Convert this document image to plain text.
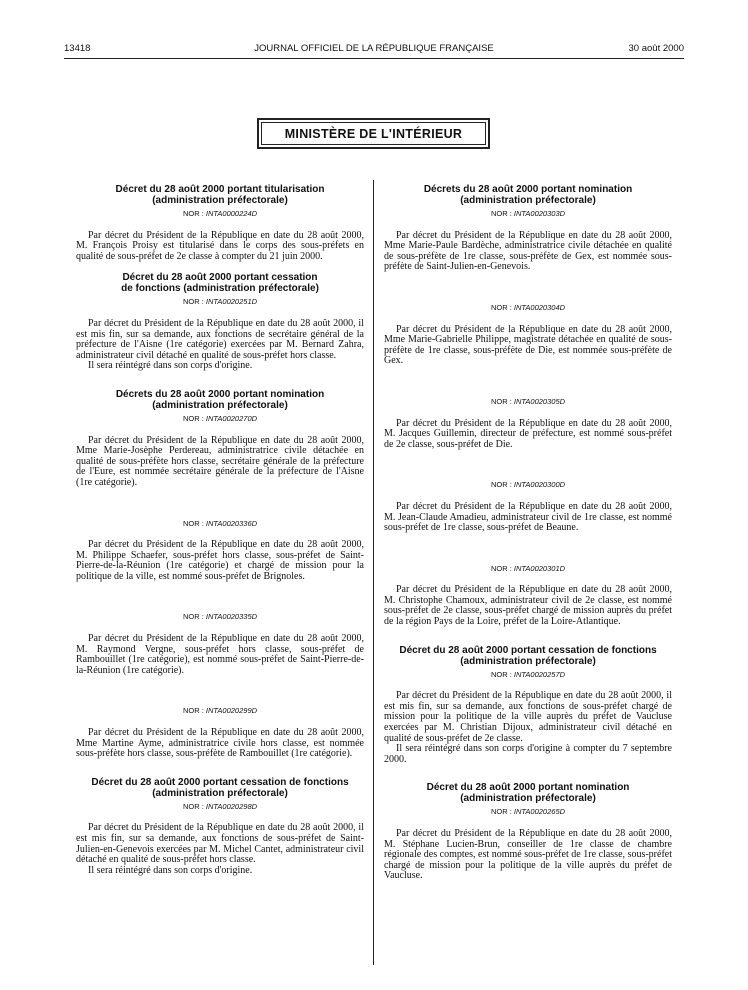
13418	JOURNAL OFFICIEL DE LA RÉPUBLIQUE FRANÇAISE	30 août 2000
MINISTÈRE DE L'INTÉRIEUR

Décret du 28 août 2000 portant titularisation

(administration préfectorale)

NOR : INTA0000224D

Par décret du Président de la République en date du 28 août 2000, M. François Proisy est titularisé dans le corps des sous-préfets en qualité de sous-préfet de 2e classe à compter du 21 juin 2000.

Décret du 28 août 2000 portant cessation

de fonctions (administration préfectorale)

NOR : INTA0020251D

Par décret du Président de la République en date du 28 août 2000, il est mis fin, sur sa demande, aux fonctions de secrétaire général de la préfecture de l'Aisne (1re catégorie) exercées par M. Bernard Zahra, administrateur civil détaché en qualité de sous-préfet hors classe.

Il sera réintégré dans son corps d'origine.

Décrets du 28 août 2000 portant nomination

(administration préfectorale)

NOR : INTA0020270D

Par décret du Président de la République en date du 28 août 2000, Mme Marie-Josèphe Perdereau, administratrice civile détachée en qualité de sous-préfète hors classe, secrétaire générale de la préfecture de l'Eure, est nommée secrétaire générale de la préfecture de l'Aisne (1re catégorie).

NOR : INTA0020336D

Par décret du Président de la République en date du 28 août 2000, M. Philippe Schaefer, sous-préfet hors classe, sous-préfet de Saint-Pierre-de-la-Réunion (1re catégorie) et chargé de mission pour la politique de la ville, est nommé sous-préfet de Brignoles.

NOR : INTA0020335D

Par décret du Président de la République en date du 28 août 2000, M. Raymond Vergne, sous-préfet hors classe, sous-préfet de Rambouillet (1re catégorie), est nommé sous-préfet de Saint-Pierre-de-la-Réunion (1re catégorie).

NOR : INTA0020299D

Par décret du Président de la République en date du 28 août 2000, Mme Martine Ayme, administratrice civile hors classe, est nommée sous-préfète hors classe, sous-préfète de Rambouillet (1re catégorie).

Décret du 28 août 2000 portant cessation de fonctions

(administration préfectorale)

NOR : INTA0020298D

Par décret du Président de la République en date du 28 août 2000, il est mis fin, sur sa demande, aux fonctions de sous-préfet de Saint-Julien-en-Genevois exercées par M. Michel Cantet, administrateur civil détaché en qualité de sous-préfet hors classe.

Il sera réintégré dans son corps d'origine.

Décrets du 28 août 2000 portant nomination

(administration préfectorale)

NOR : INTA0020303D

Par décret du Président de la République en date du 28 août 2000, Mme Marie-Paule Bardèche, administratrice civile détachée en qualité de sous-préfète de 1re classe, sous-préfète de Gex, est nommée sous-préfète de Saint-Julien-en-Genevois.

NOR : INTA0020304D

Par décret du Président de la République en date du 28 août 2000, Mme Marie-Gabrielle Philippe, magistrate détachée en qualité de sous-préfète de 1re classe, sous-préfète de Die, est nommée sous-préfète de Gex.

NOR : INTA0020305D

Par décret du Président de la République en date du 28 août 2000, M. Jacques Guillemin, directeur de préfecture, est nommé sous-préfet de 2e classe, sous-préfet de Die.

NOR : INTA0020300D

Par décret du Président de la République en date du 28 août 2000, M. Jean-Claude Amadieu, administrateur civil de 1re classe, est nommé sous-préfet de 1re classe, sous-préfet de Beaune.

NOR : INTA0020301D

Par décret du Président de la République en date du 28 août 2000, M. Christophe Chamoux, administrateur civil de 2e classe, est nommé sous-préfet de 2e classe, sous-préfet chargé de mission auprès du préfet de la région Pays de la Loire, préfet de la Loire-Atlantique.

Décret du 28 août 2000 portant cessation de fonctions

(administration préfectorale)

NOR : INTA0020257D

Par décret du Président de la République en date du 28 août 2000, il est mis fin, sur sa demande, aux fonctions de sous-préfet chargé de mission pour la politique de la ville auprès du préfet de Vaucluse exercées par M. Christian Dijoux, administrateur civil détaché en qualité de sous-préfet de 2e classe.

Il sera réintégré dans son corps d'origine à compter du 7 septembre 2000.

Décret du 28 août 2000 portant nomination

(administration préfectorale)

NOR : INTA0020265D

Par décret du Président de la République en date du 28 août 2000, M. Stéphane Lucien-Brun, conseiller de 1re classe de chambre régionale des comptes, est nommé sous-préfet de 1re classe, sous-préfet chargé de mission pour la politique de la ville auprès du préfet de Vaucluse.
